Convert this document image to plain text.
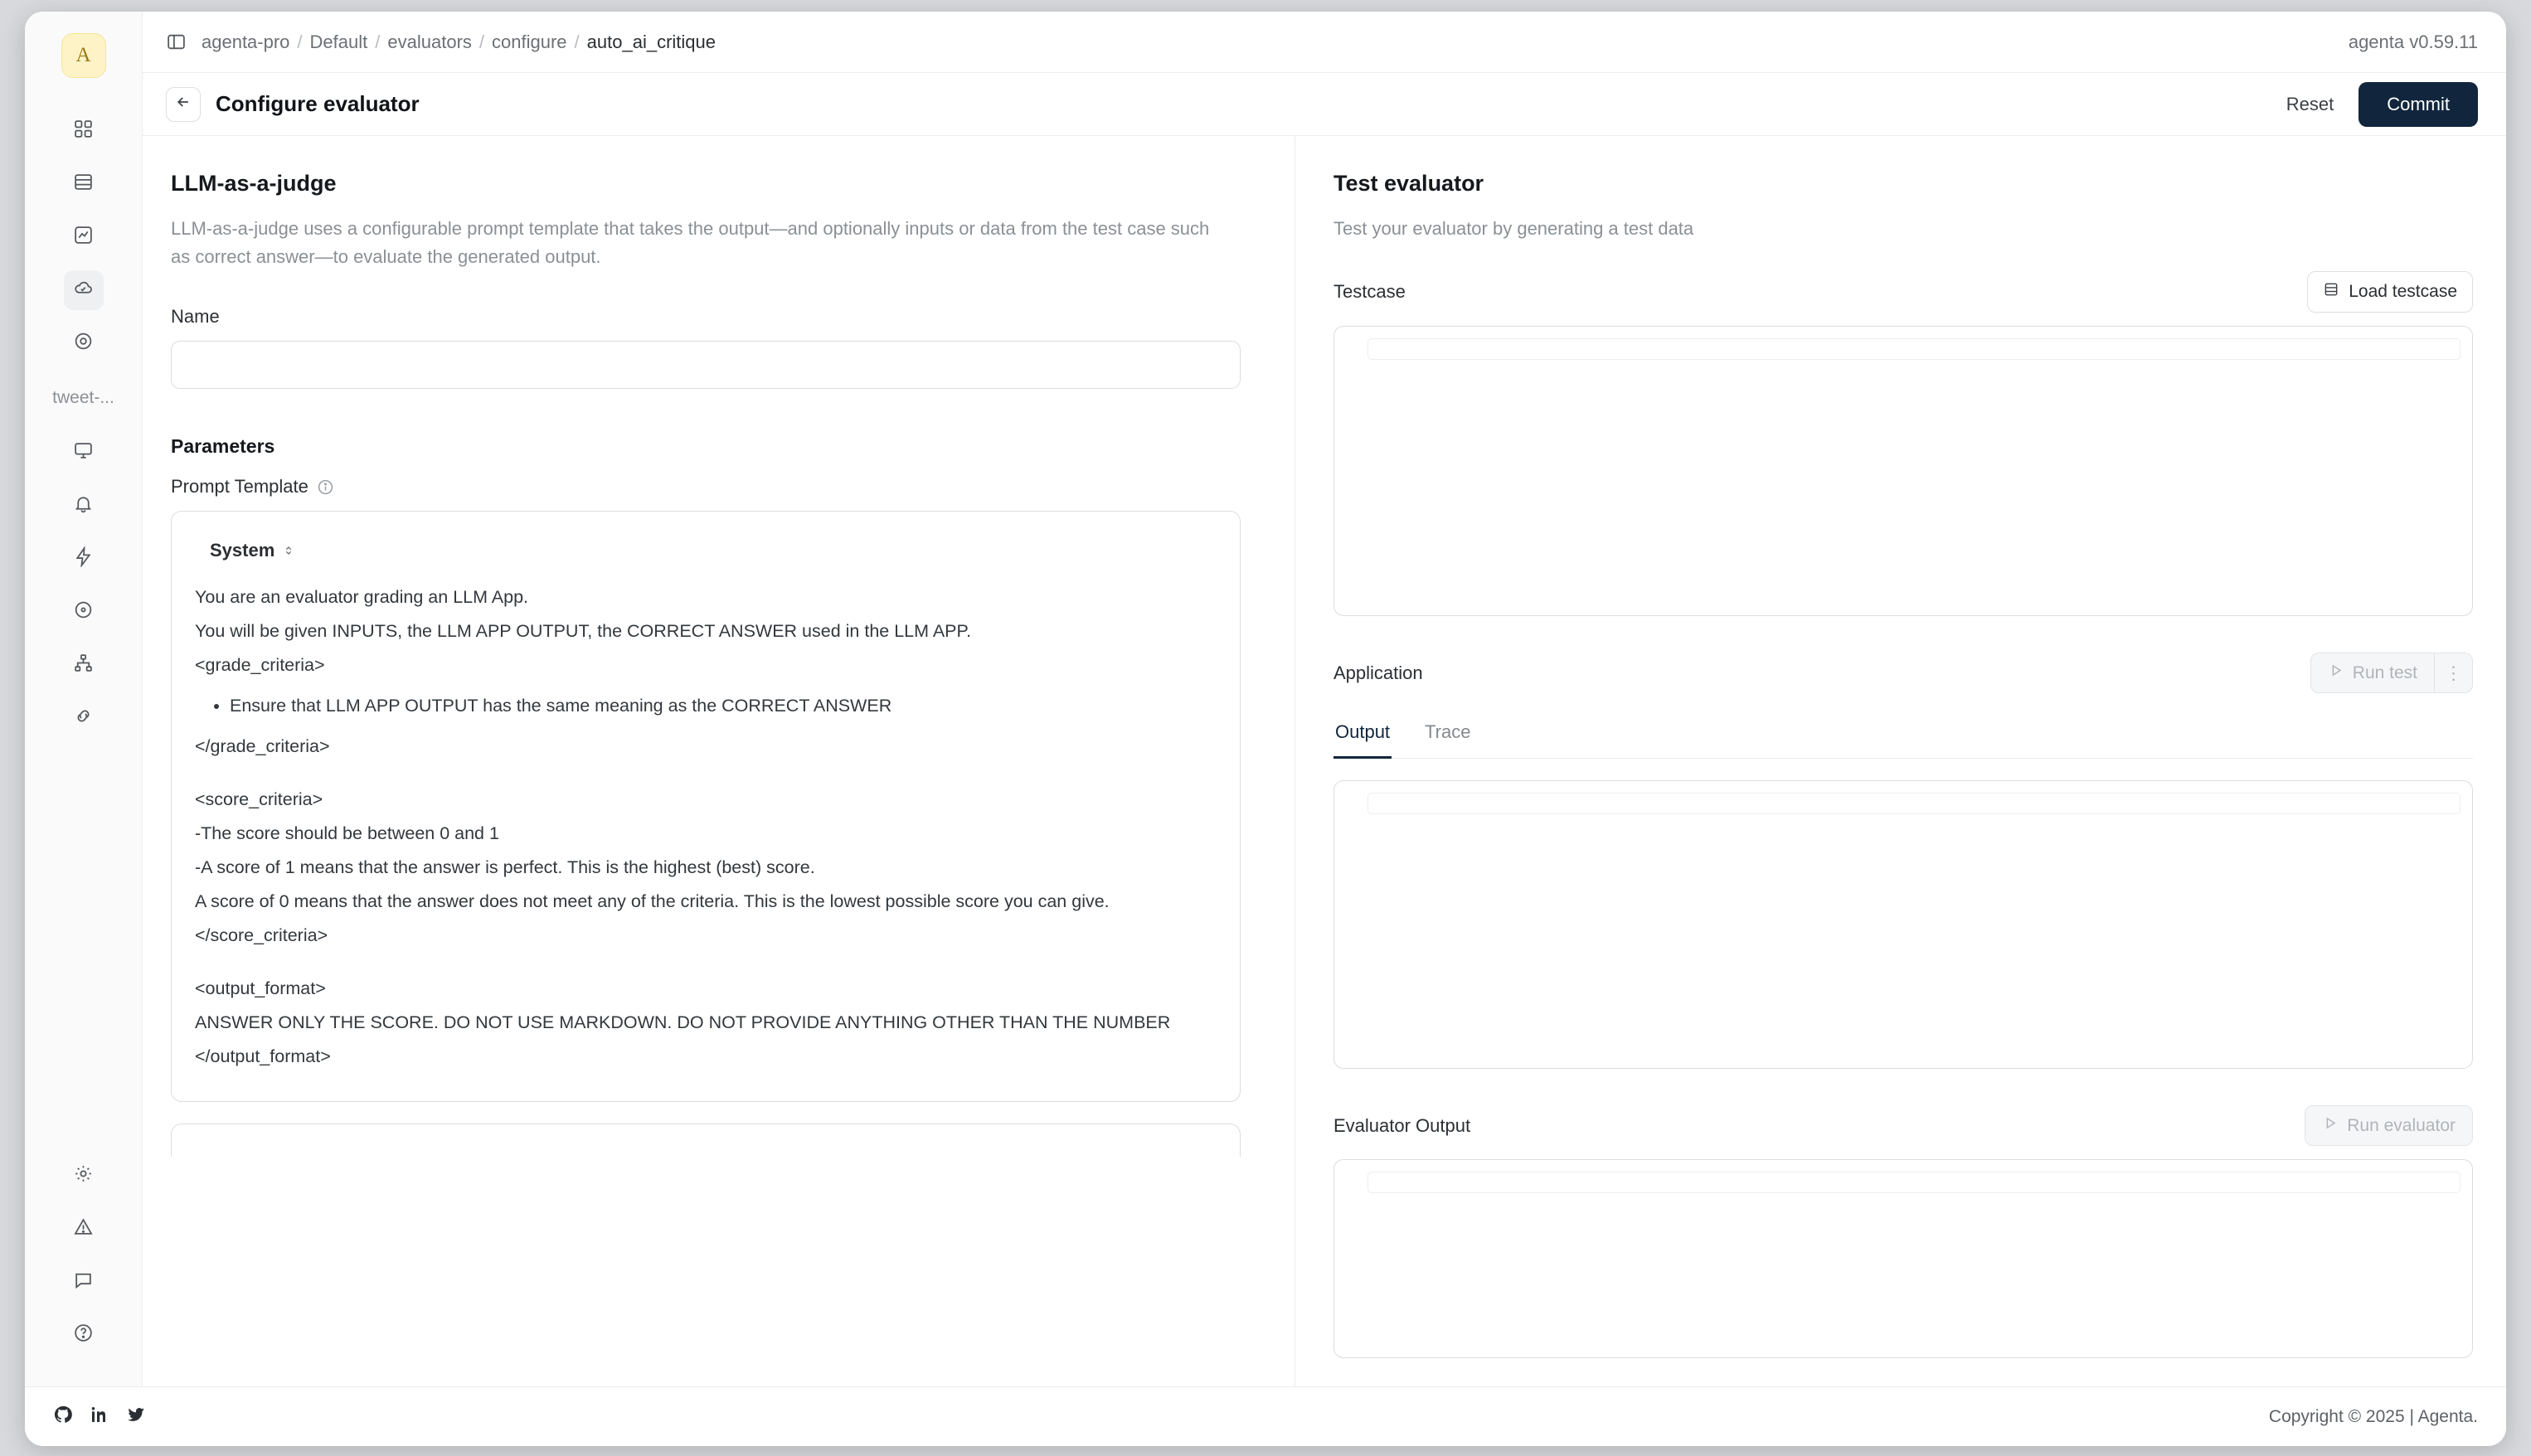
A
tweet-...
agenta-pro / Default / evaluators / configure / auto_ai_critique	agenta v0.59.11
Configure evaluator	Reset	Commit
LLM-as-a-judge

LLM-as-a-judge uses a configurable prompt template that takes the output—and optionally inputs or data from the test case such as correct answer—to evaluate the generated output.

Name
Parameters
Prompt Template
System

You are an evaluator grading an LLM App.

You will be given INPUTS, the LLM APP OUTPUT, the CORRECT ANSWER used in the LLM APP.

<grade_criteria>

• Ensure that LLM APP OUTPUT has the same meaning as the CORRECT ANSWER

</grade_criteria>

<score_criteria>

-The score should be between 0 and 1

-A score of 1 means that the answer is perfect. This is the highest (best) score.

A score of 0 means that the answer does not meet any of the criteria. This is the lowest possible score you can give.

</score_criteria>

<output_format>

ANSWER ONLY THE SCORE. DO NOT USE MARKDOWN. DO NOT PROVIDE ANYTHING OTHER THAN THE NUMBER

</output_format>

Test evaluator

Test your evaluator by generating a test data

Testcase	Load testcase
Application	Run test	⋮
Output Trace
Evaluator Output	Run evaluator
Copyright © 2025 | Agenta.
